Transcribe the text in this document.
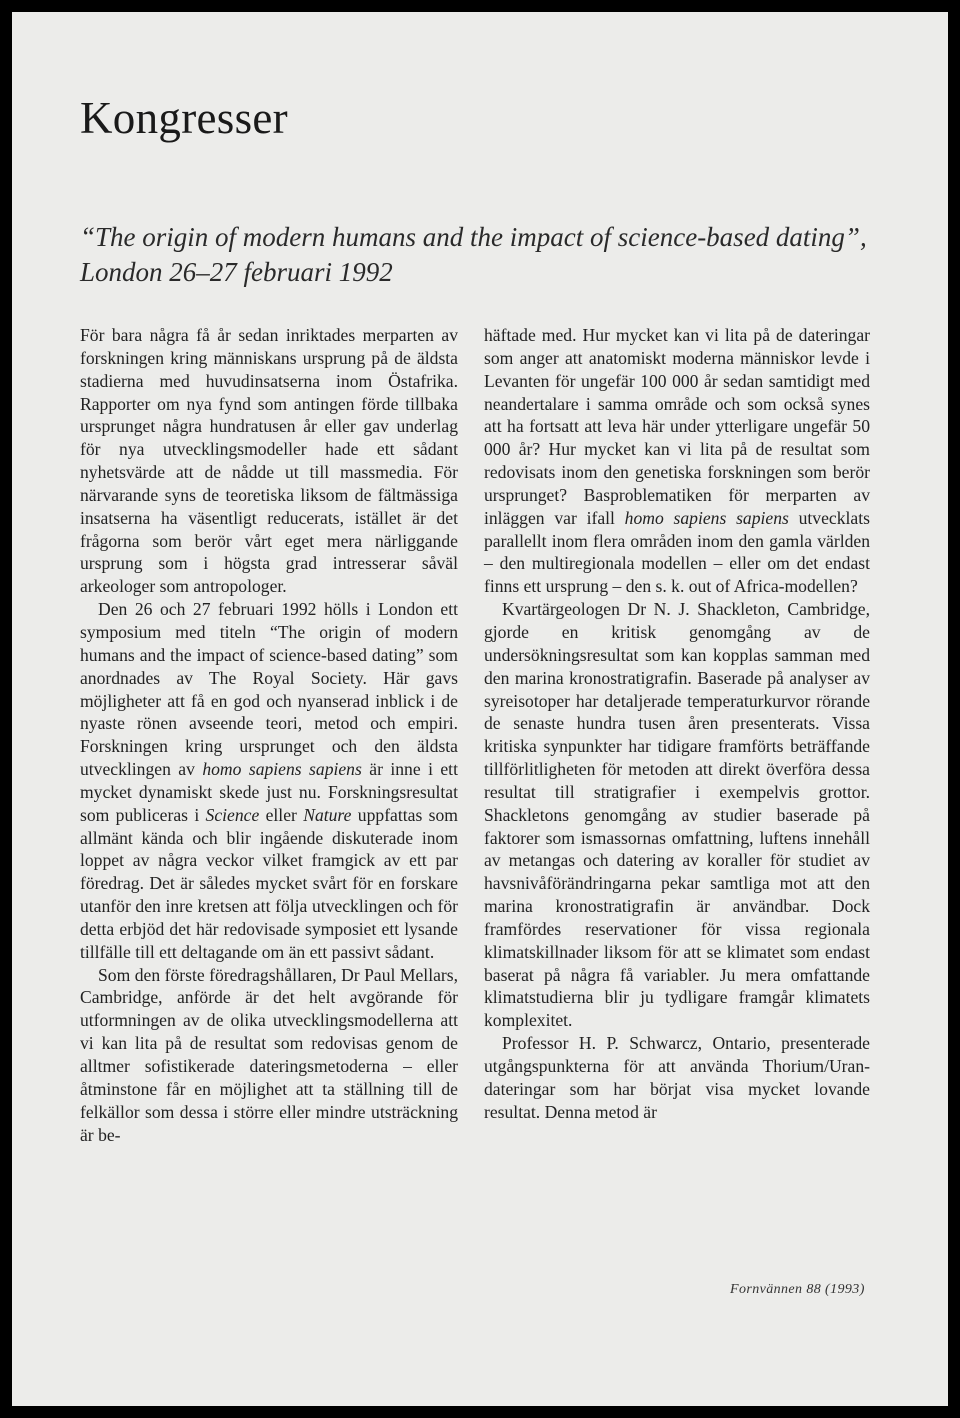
Kongresser
“The origin of modern humans and the impact of science-based dating”,
London 26–27 februari 1992

För bara några få år sedan inriktades merparten av forskningen kring människans ursprung på de äldsta stadierna med huvudinsatserna inom Östafrika. Rapporter om nya fynd som antingen förde tillbaka ursprunget några hundratusen år eller gav underlag för nya utvecklingsmodeller hade ett sådant nyhetsvärde att de nådde ut till massmedia. För närvarande syns de teoretiska liksom de fältmässiga insatserna ha väsentligt reducerats, istället är det frågorna som berör vårt eget mera närliggande ursprung som i högsta grad intresserar såväl arkeologer som antropologer.

Den 26 och 27 februari 1992 hölls i London ett symposium med titeln “The origin of modern humans and the impact of science-based dating” som anordnades av The Royal Society. Här gavs möjligheter att få en god och nyanserad inblick i de nyaste rönen avseende teori, metod och empiri. Forskningen kring ursprunget och den äldsta utvecklingen av homo sapiens sapiens är inne i ett mycket dynamiskt skede just nu. Forskningsresultat som publiceras i Science eller Nature uppfattas som allmänt kända och blir ingående diskuterade inom loppet av några veckor vilket framgick av ett par föredrag. Det är således mycket svårt för en forskare utanför den inre kretsen att följa utvecklingen och för detta erbjöd det här redovisade symposiet ett lysande tillfälle till ett deltagande om än ett passivt sådant.

Som den förste föredragshållaren, Dr Paul Mellars, Cambridge, anförde är det helt avgörande för utformningen av de olika utvecklingsmodellerna att vi kan lita på de resultat som redovisas genom de alltmer sofistikerade dateringsmetoderna – eller åtminstone får en möjlighet att ta ställning till de felkällor som dessa i större eller mindre utsträckning är be-

häftade med. Hur mycket kan vi lita på de dateringar som anger att anatomiskt moderna människor levde i Levanten för ungefär 100 000 år sedan samtidigt med neandertalare i samma område och som också synes att ha fortsatt att leva här under ytterligare ungefär 50 000 år? Hur mycket kan vi lita på de resultat som redovisats inom den genetiska forskningen som berör ursprunget? Basproblematiken för merparten av inläggen var ifall homo sapiens sapiens utvecklats parallellt inom flera områden inom den gamla världen – den multiregionala modellen – eller om det endast finns ett ursprung – den s. k. out of Africa-modellen?

Kvartärgeologen Dr N. J. Shackleton, Cambridge, gjorde en kritisk genomgång av de undersökningsresultat som kan kopplas samman med den marina kronostratigrafin. Baserade på analyser av syreisotoper har detaljerade temperaturkurvor rörande de senaste hundra tusen åren presenterats. Vissa kritiska synpunkter har tidigare framförts beträffande tillförlitligheten för metoden att direkt överföra dessa resultat till stratigrafier i exempelvis grottor. Shackletons genomgång av studier baserade på faktorer som ismassornas omfattning, luftens innehåll av metangas och datering av koraller för studiet av havsnivåförändringarna pekar samtliga mot att den marina kronostratigrafin är användbar. Dock framfördes reservationer för vissa regionala klimatskillnader liksom för att se klimatet som endast baserat på några få variabler. Ju mera omfattande klimatstudierna blir ju tydligare framgår klimatets komplexitet.

Professor H. P. Schwarcz, Ontario, presenterade utgångspunkterna för att använda Thorium/Uran-dateringar som har börjat visa mycket lovande resultat. Denna metod är

Fornvännen 88 (1993)
